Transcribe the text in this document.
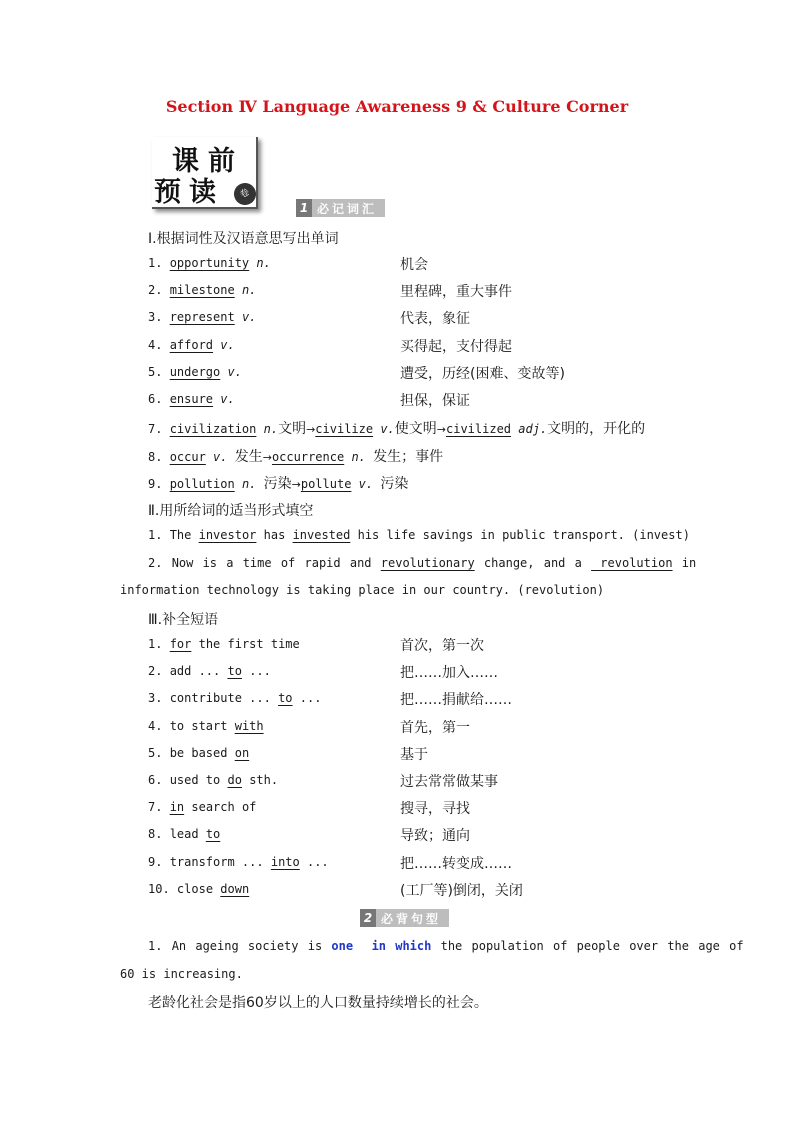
Section Ⅳ Language Awareness 9 & Culture Corner
课 前
预 读	卷
1 必记词汇
Ⅰ.根据词性及汉语意思写出单词
1. opportunity n.	机会
2. milestone n.	里程碑，重大事件
3. represent v.	代表，象征
4. afford v.	买得起，支付得起
5. undergo v.	遭受，历经(困难、变故等)
6. ensure v.	担保，保证
7. civilization n.文明→civilize v.使文明→civilized adj.文明的，开化的
8. occur v. 发生→occurrence n. 发生；事件
9. pollution n. 污染→pollute v. 污染
Ⅱ.用所给词的适当形式填空
1. The investor has invested his life savings in public transport. (invest)
2. Now is a time of rapid and revolutionary change, and a  revolution in
information technology is taking place in our country. (revolution)
Ⅲ.补全短语
1. for the first time	首次，第一次
2. add ... to ...	把……加入……
3. contribute ... to ...	把……捐献给……
4. to start with	首先，第一
5. be based on	基于
6. used to do sth.	过去常常做某事
7. in search of	搜寻，寻找
8. lead to	导致；通向
9. transform ... into ...	把……转变成……
10. close down	(工厂等)倒闭，关闭
2 必背句型
1. An ageing society is one in which the population of people over the age of
60 is increasing.
老龄化社会是指60岁以上的人口数量持续增长的社会。
